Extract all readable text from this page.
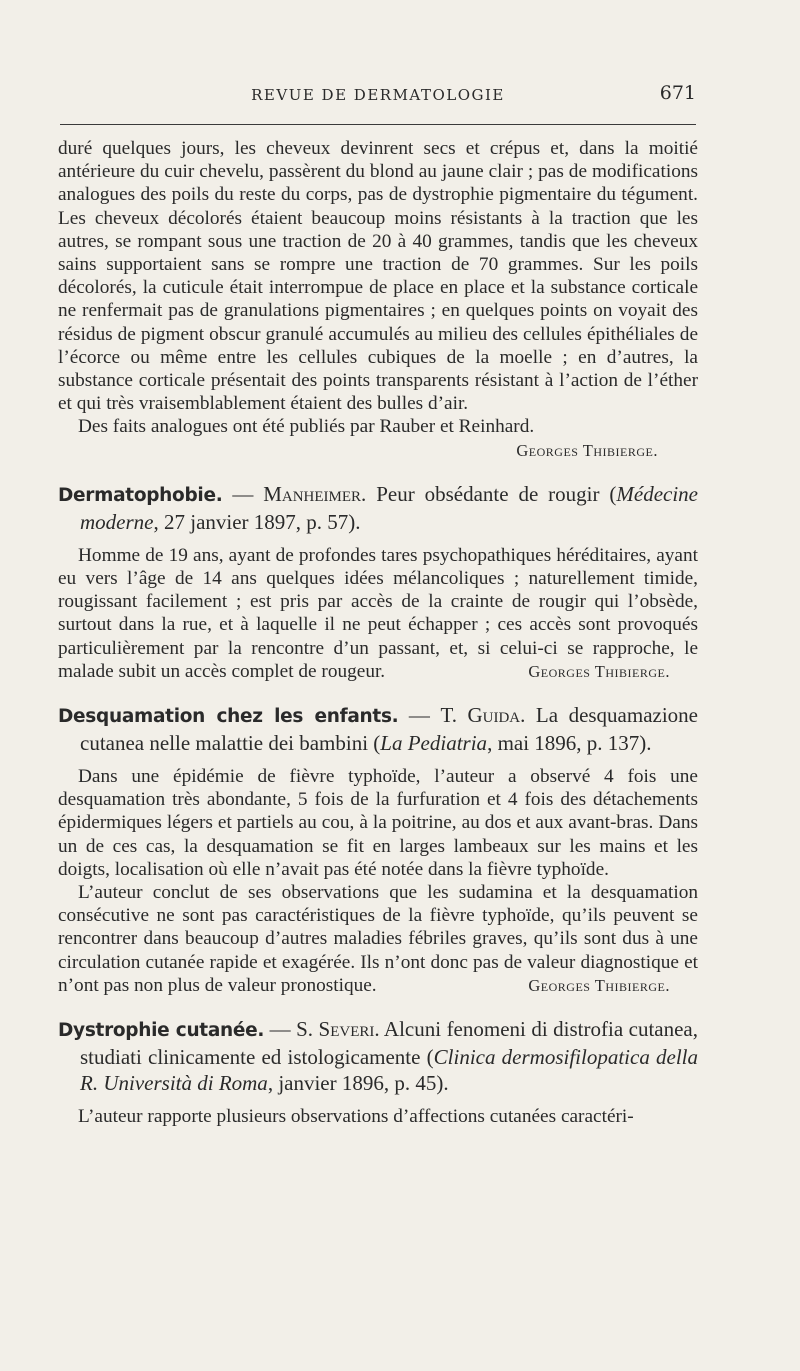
REVUE DE DERMATOLOGIE	671

duré quelques jours, les cheveux devinrent secs et crépus et, dans la moitié antérieure du cuir chevelu, passèrent du blond au jaune clair ; pas de modifications analogues des poils du reste du corps, pas de dystrophie pigmentaire du tégument. Les cheveux décolorés étaient beaucoup moins résistants à la traction que les autres, se rompant sous une traction de 20 à 40 grammes, tandis que les cheveux sains supportaient sans se rompre une traction de 70 grammes. Sur les poils décolorés, la cuticule était interrompue de place en place et la substance corticale ne renfermait pas de granulations pigmentaires ; en quelques points on voyait des résidus de pigment obscur granulé accumulés au milieu des cellules épithéliales de l’écorce ou même entre les cellules cubiques de la moelle ; en d’autres, la substance corticale présentait des points transparents résistant à l’action de l’éther et qui très vraisemblablement étaient des bulles d’air.

Des faits analogues ont été publiés par Rauber et Reinhard.

Georges Thibierge.
Dermatophobie. — Manheimer. Peur obsédante de rougir (Médecine moderne, 27 janvier 1897, p. 57).

Homme de 19 ans, ayant de profondes tares psychopathiques héréditaires, ayant eu vers l’âge de 14 ans quelques idées mélancoliques ; naturellement timide, rougissant facilement ; est pris par accès de la crainte de rougir qui l’obsède, surtout dans la rue, et à laquelle il ne peut échapper ; ces accès sont provoqués particulièrement par la rencontre d’un passant, et, si celui-ci se rapproche, le malade subit un accès complet de rougeur.	Georges Thibierge.

Desquamation chez les enfants. — T. Guida. La desquamazione cutanea nelle malattie dei bambini (La Pediatria, mai 1896, p. 137).

Dans une épidémie de fièvre typhoïde, l’auteur a observé 4 fois une desquamation très abondante, 5 fois de la furfuration et 4 fois des détachements épidermiques légers et partiels au cou, à la poitrine, au dos et aux avant-bras. Dans un de ces cas, la desquamation se fit en larges lambeaux sur les mains et les doigts, localisation où elle n’avait pas été notée dans la fièvre typhoïde.

L’auteur conclut de ses observations que les sudamina et la desquamation consécutive ne sont pas caractéristiques de la fièvre typhoïde, qu’ils peuvent se rencontrer dans beaucoup d’autres maladies fébriles graves, qu’ils sont dus à une circulation cutanée rapide et exagérée. Ils n’ont donc pas de valeur diagnostique et n’ont pas non plus de valeur pronostique.	Georges Thibierge.

Dystrophie cutanée. — S. Severi. Alcuni fenomeni di distrofia cutanea, studiati clinicamente ed istologicamente (Clinica dermosifilopatica della R. Università di Roma, janvier 1896, p. 45).

L’auteur rapporte plusieurs observations d’affections cutanées caractéri-
